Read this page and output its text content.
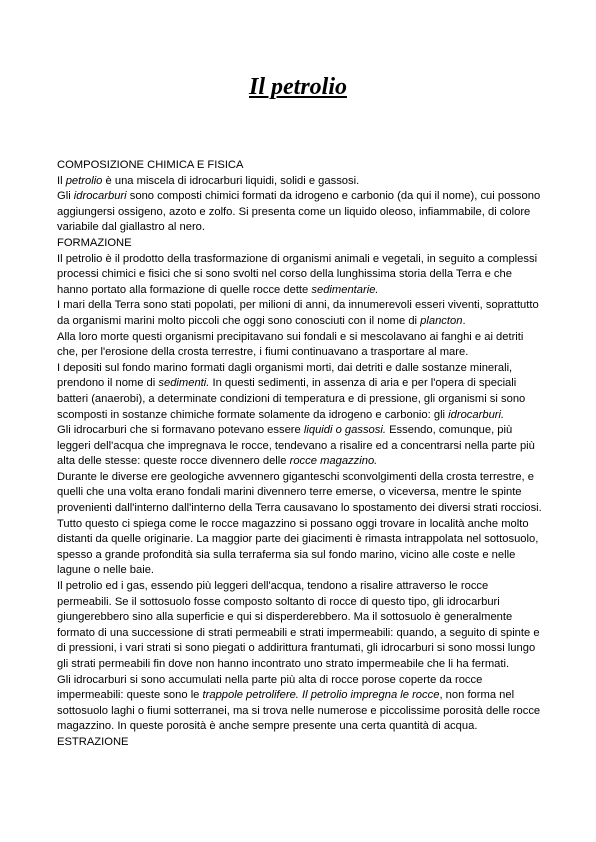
Il petrolio

COMPOSIZIONE CHIMICA E FISICA

Il petrolio è una miscela di idrocarburi liquidi, solidi e gassosi.

Gli idrocarburi sono composti chimici formati da idrogeno e carbonio (da qui il nome), cui possono aggiungersi ossigeno, azoto e zolfo. Si presenta come un liquido oleoso, infiammabile, di colore variabile dal giallastro al nero.

FORMAZIONE

Il petrolio è il prodotto della trasformazione di organismi animali e vegetali, in seguito a complessi processi chimici e fisici che si sono svolti nel corso della lunghissima storia della Terra e che hanno portato alla formazione di quelle rocce dette sedimentarie.

I mari della Terra sono stati popolati, per milioni di anni, da innumerevoli esseri viventi, soprattutto da organismi marini molto piccoli che oggi sono conosciuti con il nome di plancton.

Alla loro morte questi organismi precipitavano sui fondali e si mescolavano ai fanghi e ai detriti che, per l'erosione della crosta terrestre, i fiumi continuavano a trasportare al mare.

I depositi sul fondo marino formati dagli organismi morti, dai detriti e dalle sostanze minerali, prendono il nome di sedimenti. In questi sedimenti, in assenza di aria e per l'opera di speciali batteri (anaerobi), a determinate condizioni di temperatura e di pressione, gli organismi si sono scomposti in sostanze chimiche formate solamente da idrogeno e carbonio: gli idrocarburi.

Gli idrocarburi che si formavano potevano essere liquidi o gassosi. Essendo, comunque, più leggeri dell'acqua che impregnava le rocce, tendevano a risalire ed a concentrarsi nella parte più alta delle stesse: queste rocce divennero delle rocce magazzino.

Durante le diverse ere geologiche avvennero giganteschi sconvolgimenti della crosta terrestre, e quelli che una volta erano fondali marini divennero terre emerse, o viceversa, mentre le spinte provenienti dall'interno dall'interno della Terra causavano lo spostamento dei diversi strati rocciosi. Tutto questo ci spiega come le rocce magazzino si possano oggi trovare in località anche molto distanti da quelle originarie. La maggior parte dei giacimenti è rimasta intrappolata nel sottosuolo, spesso a grande profondità sia sulla terraferma sia sul fondo marino, vicino alle coste e nelle lagune o nelle baie.

Il petrolio ed i gas, essendo più leggeri dell'acqua, tendono a risalire attraverso le rocce permeabili. Se il sottosuolo fosse composto soltanto di rocce di questo tipo, gli idrocarburi giungerebbero sino alla superficie e qui si disperderebbero. Ma il sottosuolo è generalmente formato di una successione di strati permeabili e strati impermeabili: quando, a seguito di spinte e di pressioni, i vari strati si sono piegati o addirittura frantumati, gli idrocarburi si sono mossi lungo gli strati permeabili fin dove non hanno incontrato uno strato impermeabile che li ha fermati.

Gli idrocarburi si sono accumulati nella parte più alta di rocce porose coperte da rocce impermeabili: queste sono le trappole petrolifere. Il petrolio impregna le rocce, non forma nel sottosuolo laghi o fiumi sotterranei, ma si trova nelle numerose e piccolissime porosità delle rocce magazzino. In queste porosità è anche sempre presente una certa quantità di acqua.

ESTRAZIONE
